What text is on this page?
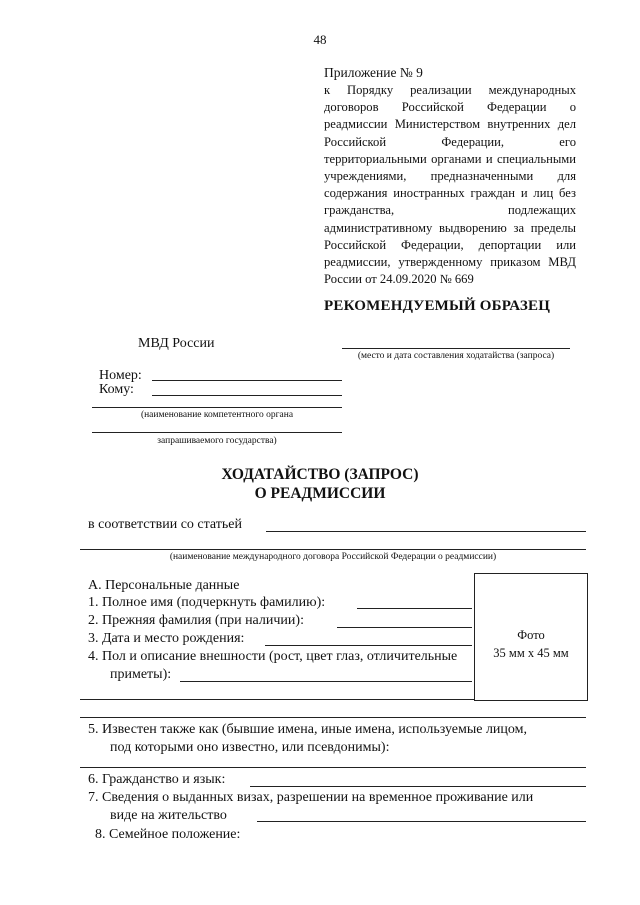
48
Приложение № 9
к Порядку реализации международных договоров Российской Федерации о реадмиссии Министерством внутренних дел Российской Федерации, его территориальными органами и специальными учреждениями, предназначенными для содержания иностранных граждан и лиц без гражданства, подлежащих административному выдворению за пределы Российской Федерации, депортации или реадмиссии, утвержденному приказом МВД России от 24.09.2020 № 669
РЕКОМЕНДУЕМЫЙ ОБРАЗЕЦ
МВД России
(место и дата составления ходатайства (запроса)
Номер:
Кому:
(наименование компетентного органа
запрашиваемого государства)
ХОДАТАЙСТВО (ЗАПРОС)
О РЕАДМИССИИ
в соответствии со статьей
(наименование международного договора Российской Федерации о реадмиссии)
Фото
35 мм х 45 мм
А. Персональные данные
1. Полное имя (подчеркнуть фамилию):
2. Прежняя фамилия (при наличии):
3. Дата и место рождения:
4. Пол и описание внешности (рост, цвет глаз, отличительные
приметы):
5. Известен также как (бывшие имена, иные имена, используемые лицом,
под которыми оно известно, или псевдонимы):
6. Гражданство и язык:
7. Сведения о выданных визах, разрешении на временное проживание или
виде на жительство
8. Семейное положение:
